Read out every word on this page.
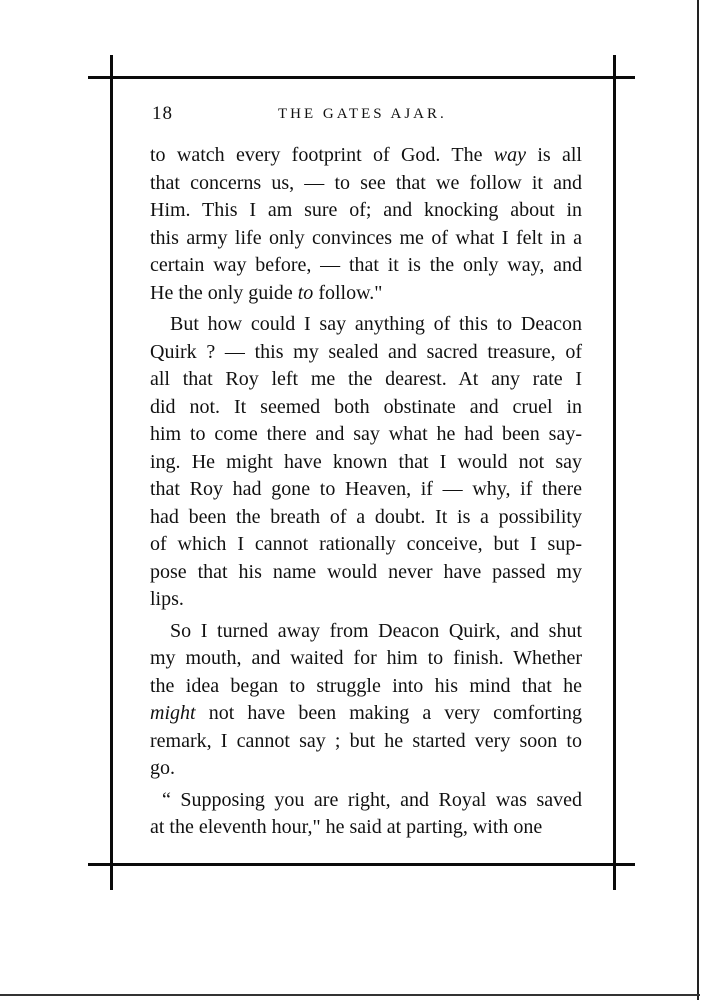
18	THE GATES AJAR.

to watch every footprint of God. The way is all
that concerns us, — to see that we follow it and
Him. This I am sure of; and knocking about in
this army life only convinces me of what I felt in a
certain way before, — that it is the only way, and
He the only guide to follow."

But how could I say anything of this to Deacon
Quirk ? — this my sealed and sacred treasure, of
all that Roy left me the dearest. At any rate I
did not. It seemed both obstinate and cruel in
him to come there and say what he had been say-
ing. He might have known that I would not say
that Roy had gone to Heaven, if — why, if there
had been the breath of a doubt. It is a possibility
of which I cannot rationally conceive, but I sup-
pose that his name would never have passed my
lips.

So I turned away from Deacon Quirk, and shut
my mouth, and waited for him to finish. Whether
the idea began to struggle into his mind that he
might not have been making a very comforting
remark, I cannot say ; but he started very soon to
go.

“ Supposing you are right, and Royal was saved
at the eleventh hour," he said at parting, with one
